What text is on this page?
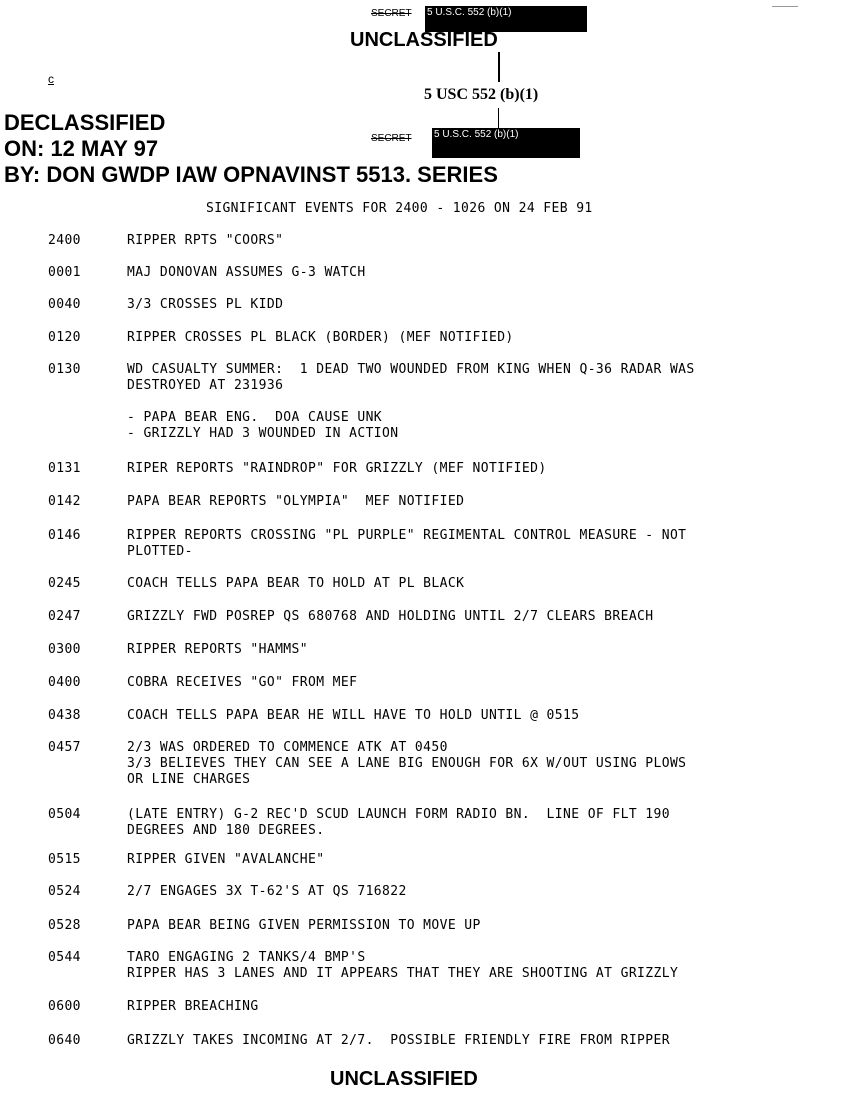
SECRET 5 U.S.C. 552 (b)(1)
UNCLASSIFIED
c
5 USC 552 (b)(1)
SECRET 5 U.S.C. 552 (b)(1)
DECLASSIFIED
ON: 12 MAY 97
BY: DON GWDP IAW OPNAVINST 5513. SERIES
SIGNIFICANT EVENTS FOR 2400 - 1026 ON 24 FEB 91
2400	RIPPER RPTS "COORS"
0001	MAJ DONOVAN ASSUMES G-3 WATCH
0040	3/3 CROSSES PL KIDD
0120	RIPPER CROSSES PL BLACK (BORDER) (MEF NOTIFIED)
0130	WD CASUALTY SUMMER:  1 DEAD TWO WOUNDED FROM KING WHEN Q-36 RADAR WAS
DESTROYED AT 231936
- PAPA BEAR ENG.  DOA CAUSE UNK
- GRIZZLY HAD 3 WOUNDED IN ACTION
0131	RIPER REPORTS "RAINDROP" FOR GRIZZLY (MEF NOTIFIED)
0142	PAPA BEAR REPORTS "OLYMPIA"  MEF NOTIFIED
0146	RIPPER REPORTS CROSSING "PL PURPLE" REGIMENTAL CONTROL MEASURE - NOT
PLOTTED-
0245	COACH TELLS PAPA BEAR TO HOLD AT PL BLACK
0247	GRIZZLY FWD POSREP QS 680768 AND HOLDING UNTIL 2/7 CLEARS BREACH
0300	RIPPER REPORTS "HAMMS"
0400	COBRA RECEIVES "GO" FROM MEF
0438	COACH TELLS PAPA BEAR HE WILL HAVE TO HOLD UNTIL @ 0515
0457	2/3 WAS ORDERED TO COMMENCE ATK AT 0450
3/3 BELIEVES THEY CAN SEE A LANE BIG ENOUGH FOR 6X W/OUT USING PLOWS
OR LINE CHARGES
0504	(LATE ENTRY) G-2 REC'D SCUD LAUNCH FORM RADIO BN.  LINE OF FLT 190
DEGREES AND 180 DEGREES.
0515	RIPPER GIVEN "AVALANCHE"
0524	2/7 ENGAGES 3X T-62'S AT QS 716822
0528	PAPA BEAR BEING GIVEN PERMISSION TO MOVE UP
0544	TARO ENGAGING 2 TANKS/4 BMP'S
RIPPER HAS 3 LANES AND IT APPEARS THAT THEY ARE SHOOTING AT GRIZZLY
0600	RIPPER BREACHING
0640	GRIZZLY TAKES INCOMING AT 2/7.  POSSIBLE FRIENDLY FIRE FROM RIPPER
UNCLASSIFIED
